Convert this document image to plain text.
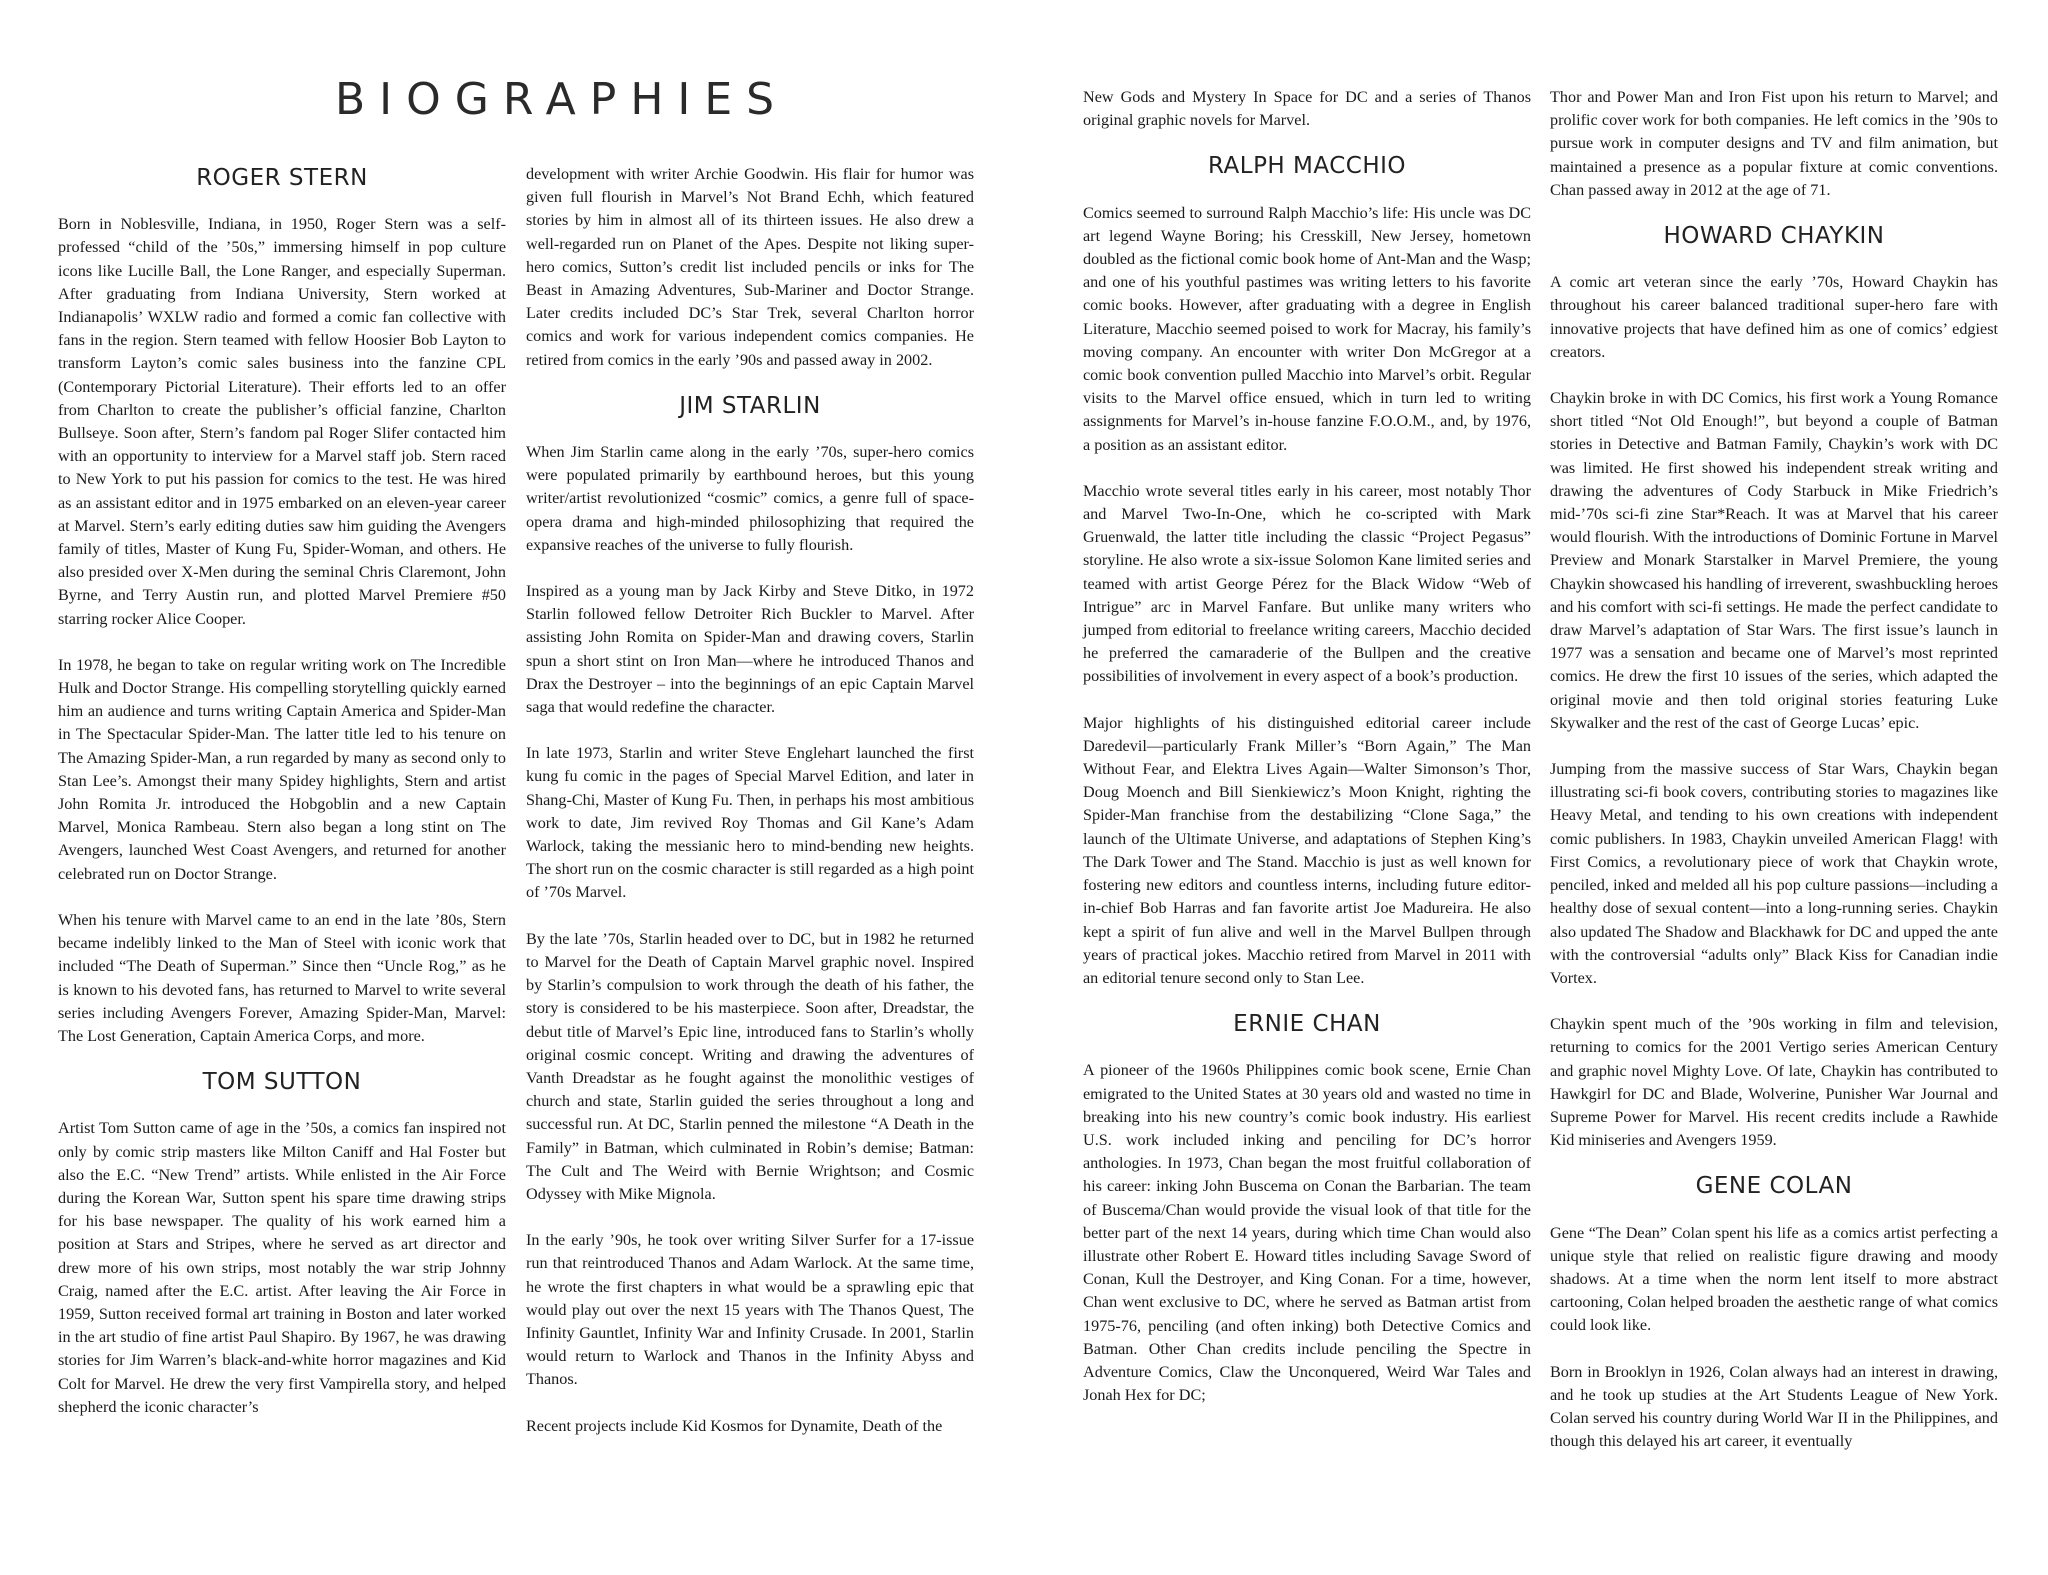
BIOGRAPHIES
ROGER STERN

Born in Noblesville, Indiana, in 1950, Roger Stern was a self-professed “child of the ’50s,” immersing himself in pop culture icons like Lucille Ball, the Lone Ranger, and especially Superman. After graduating from Indiana University, Stern worked at Indianapolis’ WXLW radio and formed a comic fan collective with fans in the region. Stern teamed with fellow Hoosier Bob Layton to transform Layton’s comic sales business into the fanzine CPL (Contemporary Pictorial Literature). Their efforts led to an offer from Charlton to create the publisher’s official fanzine, Charlton Bullseye. Soon after, Stern’s fandom pal Roger Slifer contacted him with an opportunity to interview for a Marvel staff job. Stern raced to New York to put his passion for comics to the test. He was hired as an assistant editor and in 1975 embarked on an eleven-year career at Marvel. Stern’s early editing duties saw him guiding the Avengers family of titles, Master of Kung Fu, Spider-Woman, and others. He also presided over X-Men during the seminal Chris Claremont, John Byrne, and Terry Austin run, and plotted Marvel Premiere #50 starring rocker Alice Cooper.

In 1978, he began to take on regular writing work on The Incredible Hulk and Doctor Strange. His compelling storytelling quickly earned him an audience and turns writing Captain America and Spider-Man in The Spectacular Spider-Man. The latter title led to his tenure on The Amazing Spider-Man, a run regarded by many as second only to Stan Lee’s. Amongst their many Spidey highlights, Stern and artist John Romita Jr. introduced the Hobgoblin and a new Captain Marvel, Monica Rambeau. Stern also began a long stint on The Avengers, launched West Coast Avengers, and returned for another celebrated run on Doctor Strange.

When his tenure with Marvel came to an end in the late ’80s, Stern became indelibly linked to the Man of Steel with iconic work that included “The Death of Superman.” Since then “Uncle Rog,” as he is known to his devoted fans, has returned to Marvel to write several series including Avengers Forever, Amazing Spider-Man, Marvel: The Lost Generation, Captain America Corps, and more.

TOM SUTTON

Artist Tom Sutton came of age in the ’50s, a comics fan inspired not only by comic strip masters like Milton Caniff and Hal Foster but also the E.C. “New Trend” artists. While enlisted in the Air Force during the Korean War, Sutton spent his spare time drawing strips for his base newspaper. The quality of his work earned him a position at Stars and Stripes, where he served as art director and drew more of his own strips, most notably the war strip Johnny Craig, named after the E.C. artist. After leaving the Air Force in 1959, Sutton received formal art training in Boston and later worked in the art studio of fine artist Paul Shapiro. By 1967, he was drawing stories for Jim Warren’s black-and-white horror magazines and Kid Colt for Marvel. He drew the very first Vampirella story, and helped shepherd the iconic character’s

development with writer Archie Goodwin. His flair for humor was given full flourish in Marvel’s Not Brand Echh, which featured stories by him in almost all of its thirteen issues. He also drew a well-regarded run on Planet of the Apes. Despite not liking super-hero comics, Sutton’s credit list included pencils or inks for The Beast in Amazing Adventures, Sub-Mariner and Doctor Strange. Later credits included DC’s Star Trek, several Charlton horror comics and work for various independent comics companies. He retired from comics in the early ’90s and passed away in 2002.

JIM STARLIN

When Jim Starlin came along in the early ’70s, super-hero comics were populated primarily by earthbound heroes, but this young writer/artist revolutionized “cosmic” comics, a genre full of space-opera drama and high-minded philosophizing that required the expansive reaches of the universe to fully flourish.

Inspired as a young man by Jack Kirby and Steve Ditko, in 1972 Starlin followed fellow Detroiter Rich Buckler to Marvel. After assisting John Romita on Spider-Man and drawing covers, Starlin spun a short stint on Iron Man—where he introduced Thanos and Drax the Destroyer – into the beginnings of an epic Captain Marvel saga that would redefine the character.

In late 1973, Starlin and writer Steve Englehart launched the first kung fu comic in the pages of Special Marvel Edition, and later in Shang-Chi, Master of Kung Fu. Then, in perhaps his most ambitious work to date, Jim revived Roy Thomas and Gil Kane’s Adam Warlock, taking the messianic hero to mind-bending new heights. The short run on the cosmic character is still regarded as a high point of ’70s Marvel.

By the late ’70s, Starlin headed over to DC, but in 1982 he returned to Marvel for the Death of Captain Marvel graphic novel. Inspired by Starlin’s compulsion to work through the death of his father, the story is considered to be his masterpiece. Soon after, Dreadstar, the debut title of Marvel’s Epic line, introduced fans to Starlin’s wholly original cosmic concept. Writing and drawing the adventures of Vanth Dreadstar as he fought against the monolithic vestiges of church and state, Starlin guided the series throughout a long and successful run. At DC, Starlin penned the milestone “A Death in the Family” in Batman, which culminated in Robin’s demise; Batman: The Cult and The Weird with Bernie Wrightson; and Cosmic Odyssey with Mike Mignola.

In the early ’90s, he took over writing Silver Surfer for a 17-issue run that reintroduced Thanos and Adam Warlock. At the same time, he wrote the first chapters in what would be a sprawling epic that would play out over the next 15 years with The Thanos Quest, The Infinity Gauntlet, Infinity War and Infinity Crusade. In 2001, Starlin would return to Warlock and Thanos in the Infinity Abyss and Thanos.

Recent projects include Kid Kosmos for Dynamite, Death of the

New Gods and Mystery In Space for DC and a series of Thanos original graphic novels for Marvel.

RALPH MACCHIO

Comics seemed to surround Ralph Macchio’s life: His uncle was DC art legend Wayne Boring; his Cresskill, New Jersey, hometown doubled as the fictional comic book home of Ant-Man and the Wasp; and one of his youthful pastimes was writing letters to his favorite comic books. However, after graduating with a degree in English Literature, Macchio seemed poised to work for Macray, his family’s moving company. An encounter with writer Don McGregor at a comic book convention pulled Macchio into Marvel’s orbit. Regular visits to the Marvel office ensued, which in turn led to writing assignments for Marvel’s in-house fanzine F.O.O.M., and, by 1976, a position as an assistant editor.

Macchio wrote several titles early in his career, most notably Thor and Marvel Two-In-One, which he co-scripted with Mark Gruenwald, the latter title including the classic “Project Pegasus” storyline. He also wrote a six-issue Solomon Kane limited series and teamed with artist George Pérez for the Black Widow “Web of Intrigue” arc in Marvel Fanfare. But unlike many writers who jumped from editorial to freelance writing careers, Macchio decided he preferred the camaraderie of the Bullpen and the creative possibilities of involvement in every aspect of a book’s production.

Major highlights of his distinguished editorial career include Daredevil—particularly Frank Miller’s “Born Again,” The Man Without Fear, and Elektra Lives Again—Walter Simonson’s Thor, Doug Moench and Bill Sienkiewicz’s Moon Knight, righting the Spider-Man franchise from the destabilizing “Clone Saga,” the launch of the Ultimate Universe, and adaptations of Stephen King’s The Dark Tower and The Stand. Macchio is just as well known for fostering new editors and countless interns, including future editor-in-chief Bob Harras and fan favorite artist Joe Madureira. He also kept a spirit of fun alive and well in the Marvel Bullpen through years of practical jokes. Macchio retired from Marvel in 2011 with an editorial tenure second only to Stan Lee.

ERNIE CHAN

A pioneer of the 1960s Philippines comic book scene, Ernie Chan emigrated to the United States at 30 years old and wasted no time in breaking into his new country’s comic book industry. His earliest U.S. work included inking and penciling for DC’s horror anthologies. In 1973, Chan began the most fruitful collaboration of his career: inking John Buscema on Conan the Barbarian. The team of Buscema/Chan would provide the visual look of that title for the better part of the next 14 years, during which time Chan would also illustrate other Robert E. Howard titles including Savage Sword of Conan, Kull the Destroyer, and King Conan. For a time, however, Chan went exclusive to DC, where he served as Batman artist from 1975-76, penciling (and often inking) both Detective Comics and Batman. Other Chan credits include penciling the Spectre in Adventure Comics, Claw the Unconquered, Weird War Tales and Jonah Hex for DC;

Thor and Power Man and Iron Fist upon his return to Marvel; and prolific cover work for both companies. He left comics in the ’90s to pursue work in computer designs and TV and film animation, but maintained a presence as a popular fixture at comic conventions. Chan passed away in 2012 at the age of 71.

HOWARD CHAYKIN

A comic art veteran since the early ’70s, Howard Chaykin has throughout his career balanced traditional super-hero fare with innovative projects that have defined him as one of comics’ edgiest creators.

Chaykin broke in with DC Comics, his first work a Young Romance short titled “Not Old Enough!”, but beyond a couple of Batman stories in Detective and Batman Family, Chaykin’s work with DC was limited. He first showed his independent streak writing and drawing the adventures of Cody Starbuck in Mike Friedrich’s mid-’70s sci-fi zine Star*Reach. It was at Marvel that his career would flourish. With the introductions of Dominic Fortune in Marvel Preview and Monark Starstalker in Marvel Premiere, the young Chaykin showcased his handling of irreverent, swashbuckling heroes and his comfort with sci-fi settings. He made the perfect candidate to draw Marvel’s adaptation of Star Wars. The first issue’s launch in 1977 was a sensation and became one of Marvel’s most reprinted comics. He drew the first 10 issues of the series, which adapted the original movie and then told original stories featuring Luke Skywalker and the rest of the cast of George Lucas’ epic.

Jumping from the massive success of Star Wars, Chaykin began illustrating sci-fi book covers, contributing stories to magazines like Heavy Metal, and tending to his own creations with independent comic publishers. In 1983, Chaykin unveiled American Flagg! with First Comics, a revolutionary piece of work that Chaykin wrote, penciled, inked and melded all his pop culture passions—including a healthy dose of sexual content—into a long-running series. Chaykin also updated The Shadow and Blackhawk for DC and upped the ante with the controversial “adults only” Black Kiss for Canadian indie Vortex.

Chaykin spent much of the ’90s working in film and television, returning to comics for the 2001 Vertigo series American Century and graphic novel Mighty Love. Of late, Chaykin has contributed to Hawkgirl for DC and Blade, Wolverine, Punisher War Journal and Supreme Power for Marvel. His recent credits include a Rawhide Kid miniseries and Avengers 1959.

GENE COLAN

Gene “The Dean” Colan spent his life as a comics artist perfecting a unique style that relied on realistic figure drawing and moody shadows. At a time when the norm lent itself to more abstract cartooning, Colan helped broaden the aesthetic range of what comics could look like.

Born in Brooklyn in 1926, Colan always had an interest in drawing, and he took up studies at the Art Students League of New York. Colan served his country during World War II in the Philippines, and though this delayed his art career, it eventually
